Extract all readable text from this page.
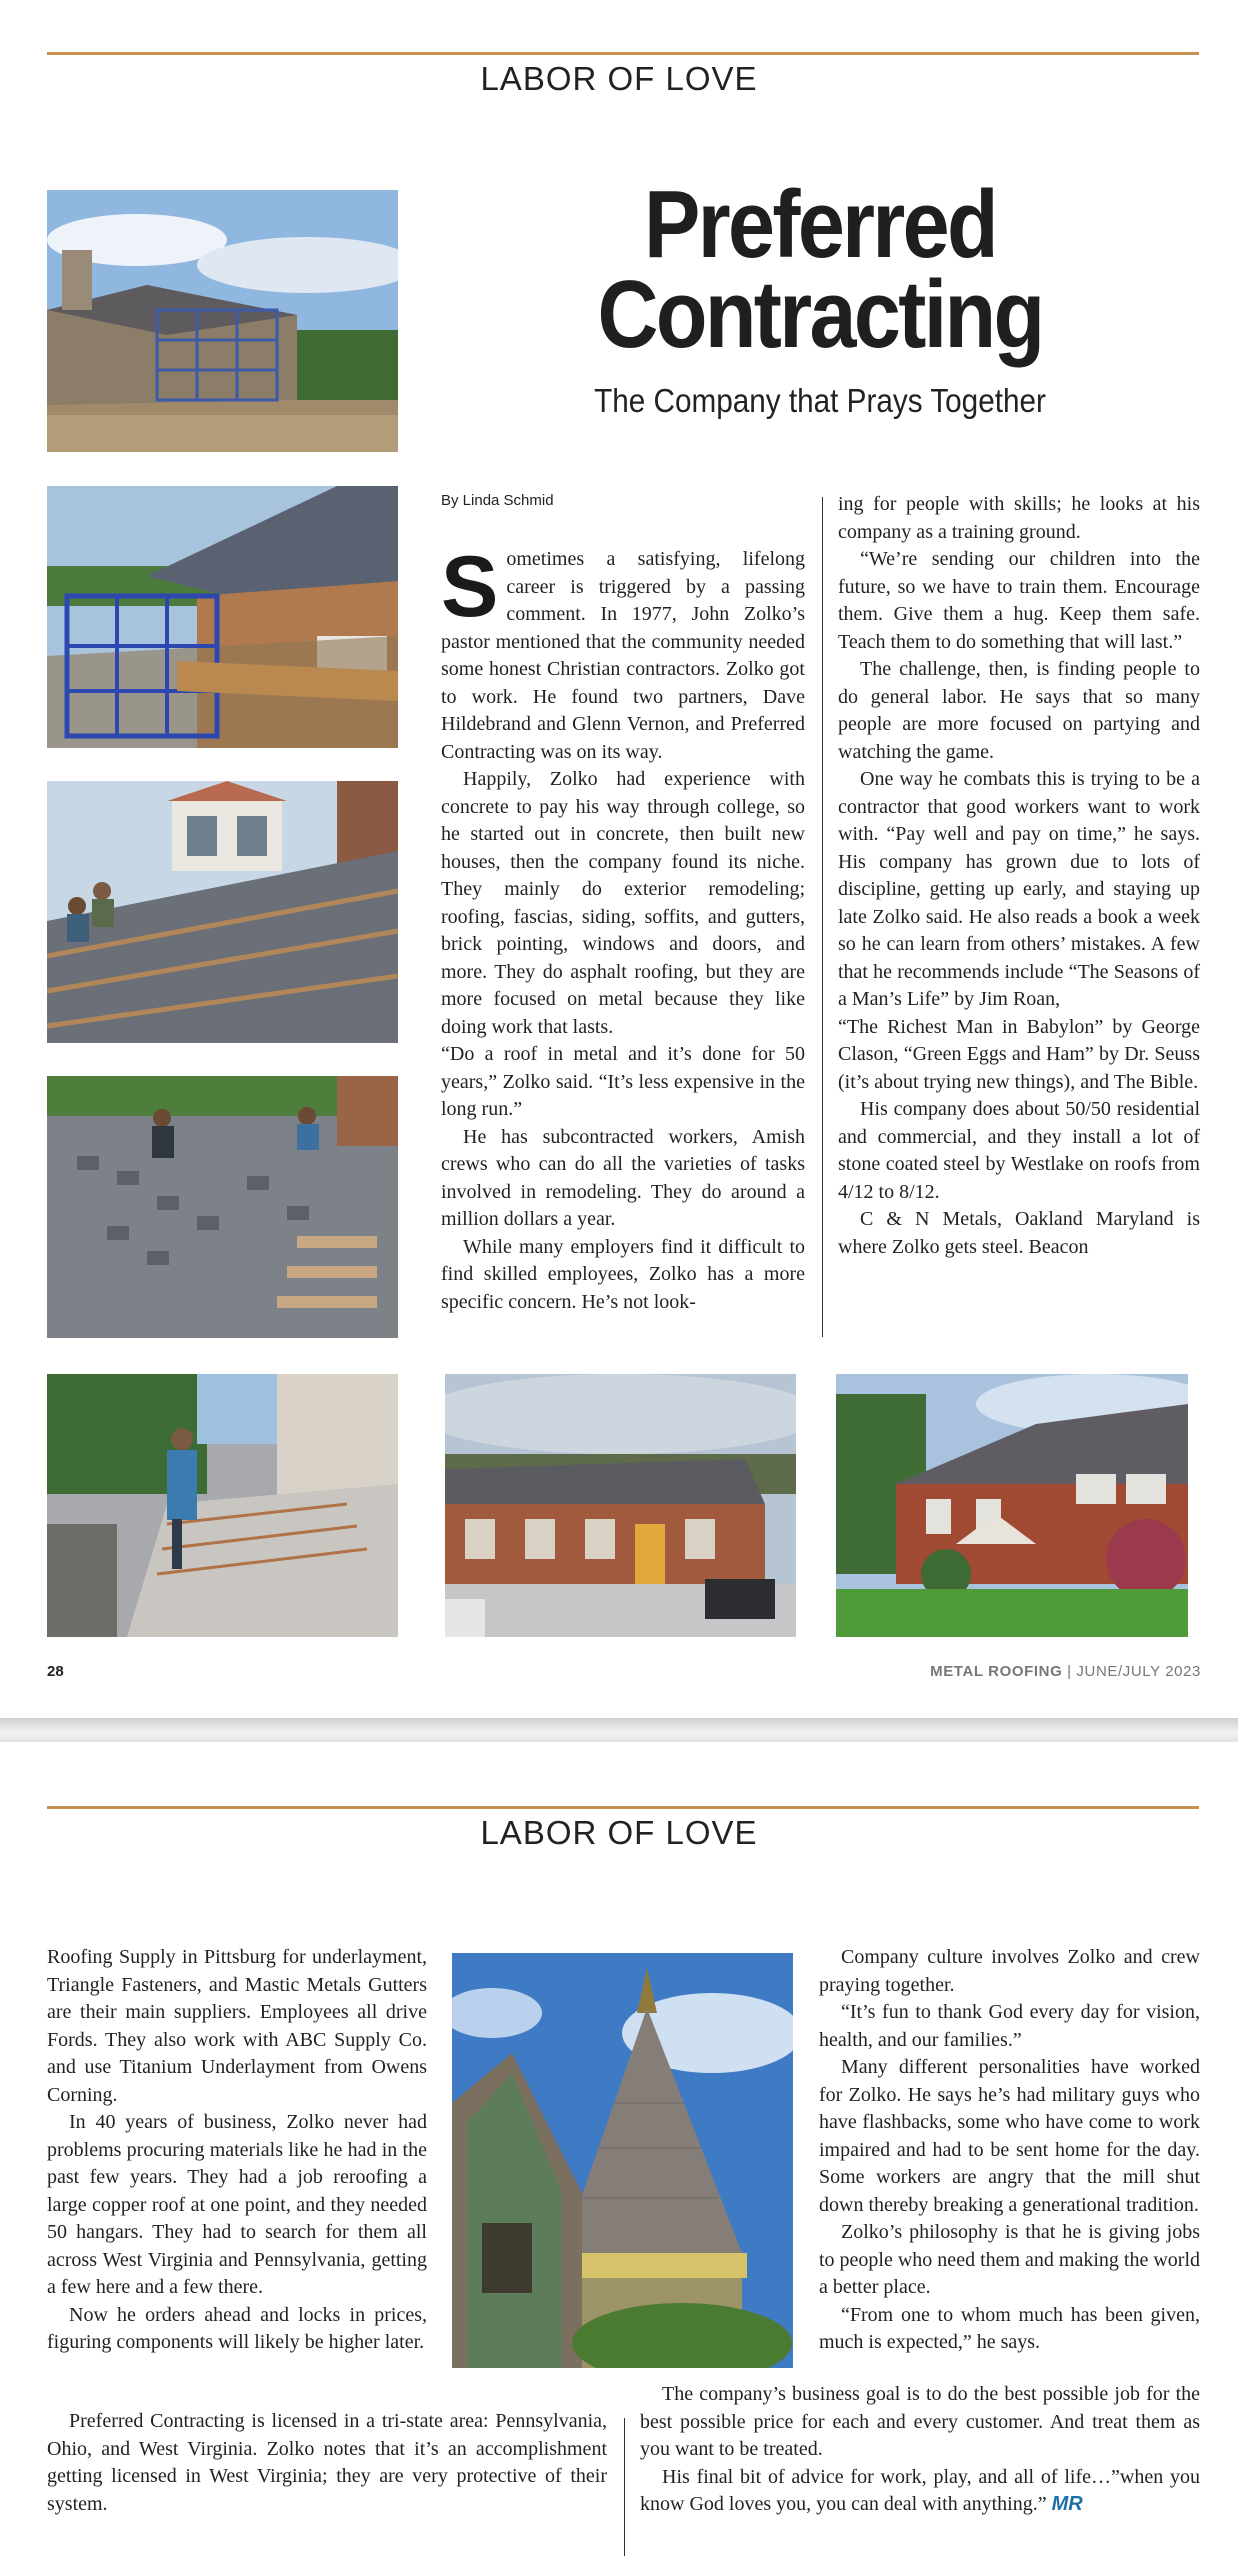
LABOR OF LOVE
Preferred
Contracting
The Company that Prays Together
By Linda Schmid

Sometimes a satisfying, lifelong career is triggered by a passing comment. In 1977, John Zolko’s pastor mentioned that the community needed some honest Christian contractors. Zolko got to work. He found two partners, Dave Hildebrand and Glenn Vernon, and Preferred Contracting was on its way.

Happily, Zolko had experience with concrete to pay his way through college, so he started out in concrete, then built new houses, then the company found its niche. They mainly do exterior remodeling; roofing, fascias, siding, soffits, and gutters, brick pointing, windows and doors, and more. They do asphalt roofing, but they are more focused on metal because they like doing work that lasts.

“Do a roof in metal and it’s done for 50 years,” Zolko said. “It’s less expensive in the long run.”

He has subcontracted workers, Amish crews who can do all the varieties of tasks involved in remodeling. They do around a million dollars a year.

While many employers find it difficult to find skilled employees, Zolko has a more specific concern. He’s not look-

ing for people with skills; he looks at his company as a training ground.

“We’re sending our children into the future, so we have to train them. Encourage them. Give them a hug. Keep them safe. Teach them to do something that will last.”

The challenge, then, is finding people to do general labor. He says that so many people are more focused on partying and watching the game.

One way he combats this is trying to be a contractor that good workers want to work with. “Pay well and pay on time,” he says. His company has grown due to lots of discipline, getting up early, and staying up late Zolko said. He also reads a book a week so he can learn from others’ mistakes. A few that he recommends include “The Seasons of a Man’s Life” by Jim Roan,

“The Richest Man in Babylon” by George Clason, “Green Eggs and Ham” by Dr. Seuss (it’s about trying new things), and The Bible.

His company does about 50/50 residential and commercial, and they install a lot of stone coated steel by Westlake on roofs from 4/12 to 8/12.

C & N Metals, Oakland Maryland is where Zolko gets steel. Beacon

28	METAL ROOFING | JUNE/JULY 2023
LABOR OF LOVE

Roofing Supply in Pittsburg for underlayment, Triangle Fasteners, and Mastic Metals Gutters are their main suppliers. Employees all drive Fords. They also work with ABC Supply Co. and use Titanium Underlayment from Owens Corning.

In 40 years of business, Zolko never had problems procuring materials like he had in the past few years. They had a job reroofing a large copper roof at one point, and they needed 50 hangars. They had to search for them all across West Virginia and Pennsylvania, getting a few here and a few there.

Now he orders ahead and locks in prices, figuring components will likely be higher later.

Company culture involves Zolko and crew praying together.

“It’s fun to thank God every day for vision, health, and our families.”

Many different personalities have worked for Zolko. He says he’s had military guys who have flashbacks, some who have come to work impaired and had to be sent home for the day. Some workers are angry that the mill shut down thereby breaking a generational tradition.

Zolko’s philosophy is that he is giving jobs to people who need them and making the world a better place.

“From one to whom much has been given, much is expected,” he says.

Preferred Contracting is licensed in a tri-state area: Pennsylvania, Ohio, and West Virginia. Zolko notes that it’s an accomplishment getting licensed in West Virginia; they are very protective of their system.

The company’s business goal is to do the best possible job for the best possible price for each and every customer. And treat them as you want to be treated.

His final bit of advice for work, play, and all of life…”when you know God loves you, you can deal with anything.” MR
